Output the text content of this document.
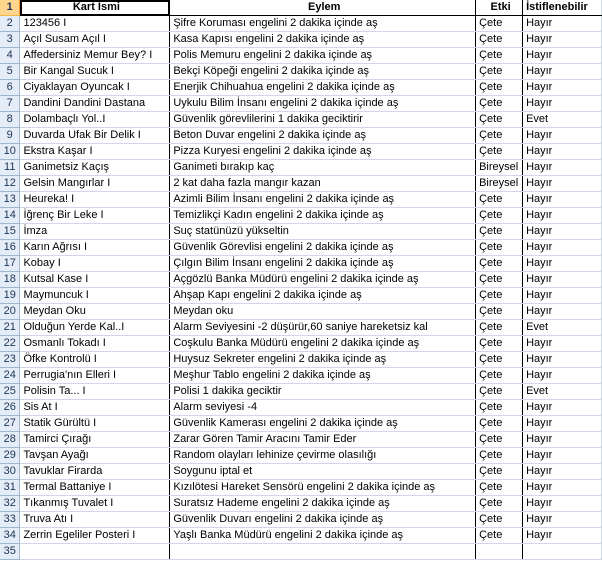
1	Kart İsmi	Eylem	Etki	İstiflenebilir
2	123456 I	Şifre Koruması engelini 2 dakika içinde aş	Çete	Hayır
3	Açıl Susam Açıl I	Kasa Kapısı engelini 2 dakika içinde aş	Çete	Hayır
4	Affedersiniz Memur Bey? I	Polis Memuru engelini 2 dakika içinde aş	Çete	Hayır
5	Bir Kangal Sucuk I	Bekçi Köpeği engelini 2 dakika içinde aş	Çete	Hayır
6	Ciyaklayan Oyuncak I	Enerjik Chihuahua engelini 2 dakika içinde aş	Çete	Hayır
7	Dandini Dandini Dastana	Uykulu Bilim İnsanı engelini 2 dakika içinde aş	Çete	Hayır
8	Dolambaçlı Yol..I	Güvenlik görevlilerini 1 dakika geciktirir	Çete	Evet
9	Duvarda Ufak Bir Delik I	Beton Duvar engelini 2 dakika içinde aş	Çete	Hayır
10	Ekstra Kaşar I	Pizza Kuryesi engelini 2 dakika içinde aş	Çete	Hayır
11	Ganimetsiz Kaçış	Ganimeti bırakıp kaç	Bireysel	Hayır
12	Gelsin Mangırlar I	2 kat daha fazla mangır kazan	Bireysel	Hayır
13	Heureka! I	Azimli Bilim İnsanı engelini 2 dakika içinde aş	Çete	Hayır
14	İğrenç Bir Leke I	Temizlikçi Kadın engelini 2 dakika içinde aş	Çete	Hayır
15	İmza	Suç statünüzü yükseltin	Çete	Hayır
16	Karın Ağrısı I	Güvenlik Görevlisi engelini 2 dakika içinde aş	Çete	Hayır
17	Kobay I	Çılgın Bilim İnsanı engelini 2 dakika içinde aş	Çete	Hayır
18	Kutsal Kase I	Açgözlü Banka Müdürü engelini 2 dakika içinde aş	Çete	Hayır
19	Maymuncuk I	Ahşap Kapı engelini 2 dakika içinde aş	Çete	Hayır
20	Meydan Oku	Meydan oku	Çete	Hayır
21	Olduğun Yerde Kal..I	Alarm Seviyesini -2 düşürür,60 saniye hareketsiz kal	Çete	Evet
22	Osmanlı Tokadı I	Coşkulu Banka Müdürü engelini 2 dakika içinde aş	Çete	Hayır
23	Öfke Kontrolü I	Huysuz Sekreter engelini 2 dakika içinde aş	Çete	Hayır
24	Perrugia'nın Elleri I	Meşhur Tablo engelini 2 dakika içinde aş	Çete	Hayır
25	Polisin Ta... I	Polisi 1 dakika geciktir	Çete	Evet
26	Sis At I	Alarm seviyesi -4	Çete	Hayır
27	Statik Gürültü I	Güvenlik Kamerası engelini 2 dakika içinde aş	Çete	Hayır
28	Tamirci Çırağı	Zarar Gören Tamir Aracını Tamir Eder	Çete	Hayır
29	Tavşan Ayağı	Random olayları lehinize çevirme olasılığı	Çete	Hayır
30	Tavuklar Firarda	Soygunu iptal et	Çete	Hayır
31	Termal Battaniye I	Kızılötesi Hareket Sensörü engelini 2 dakika içinde aş	Çete	Hayır
32	Tıkanmış Tuvalet I	Suratsız Hademe engelini 2 dakika içinde aş	Çete	Hayır
33	Truva Atı I	Güvenlik Duvarı engelini 2 dakika içinde aş	Çete	Hayır
34	Zerrin Egeliler Posteri I	Yaşlı Banka Müdürü engelini 2 dakika içinde aş	Çete	Hayır
35				
